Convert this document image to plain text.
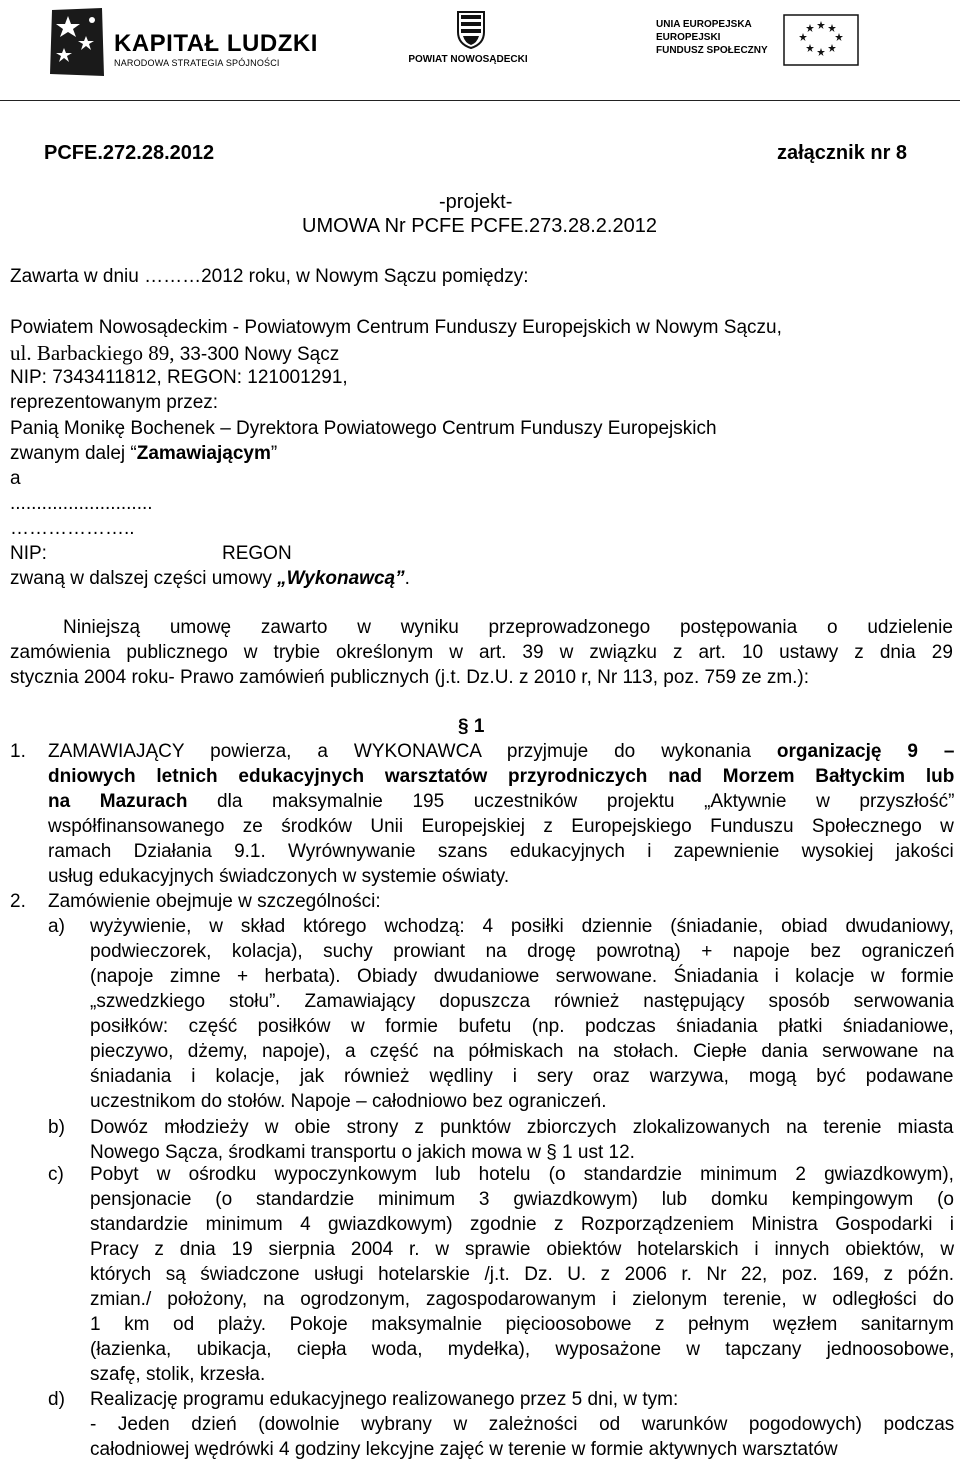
KAPITAŁ LUDZKI
NARODOWA STRATEGIA SPÓJNOŚCI	POWIAT NOWOSĄDECKI
UNIA EUROPEJSKA
EUROPEJSKI
FUNDUSZ SPOŁECZNY
PCFE.272.28.2012	załącznik nr 8
-projekt-
UMOWA Nr PCFE PCFE.273.28.2.2012
Zawarta w dniu ………2012 roku, w Nowym Sączu pomiędzy:
Powiatem Nowosądeckim - Powiatowym Centrum Funduszy Europejskich w Nowym Sączu,
ul. Barbackiego 89, 33-300 Nowy Sącz
NIP: 7343411812, REGON: 121001291,
reprezentowanym przez:
Panią Monikę Bochenek – Dyrektora Powiatowego Centrum Funduszy Europejskich
zwanym dalej “Zamawiającym”
a
...........................
………………..
NIP:	REGON
zwaną w dalszej części umowy „Wykonawcą”.
Niniejszą umowę zawarto w wyniku przeprowadzonego postępowania o udzielenie
zamówienia publicznego w trybie określonym w art. 39 w związku z art. 10 ustawy z dnia 29
stycznia 2004 roku- Prawo zamówień publicznych (j.t. Dz.U. z 2010 r, Nr 113, poz. 759 ze zm.):
§ 1
1. ZAMAWIAJĄCY powierza, a WYKONAWCA przyjmuje do wykonania organizację 9 –
dniowych letnich edukacyjnych warsztatów przyrodniczych nad Morzem Bałtyckim lub
na Mazurach dla maksymalnie 195 uczestników projektu „Aktywnie w przyszłość”
współfinansowanego ze środków Unii Europejskiej z Europejskiego Funduszu Społecznego w
ramach Działania 9.1. Wyrównywanie szans edukacyjnych i zapewnienie wysokiej jakości
usług edukacyjnych świadczonych w systemie oświaty.
2. Zamówienie obejmuje w szczególności:
a) wyżywienie, w skład którego wchodzą: 4 posiłki dziennie (śniadanie, obiad dwudaniowy,
podwieczorek, kolacja), suchy prowiant na drogę powrotną) + napoje bez ograniczeń
(napoje zimne + herbata). Obiady dwudaniowe serwowane. Śniadania i kolacje w formie
„szwedzkiego stołu”. Zamawiający dopuszcza również następujący sposób serwowania
posiłków: część posiłków w formie bufetu (np. podczas śniadania płatki śniadaniowe,
pieczywo, dżemy, napoje), a część na półmiskach na stołach. Ciepłe dania serwowane na
śniadania i kolacje, jak również wędliny i sery oraz warzywa, mogą być podawane
uczestnikom do stołów. Napoje – całodniowo bez ograniczeń.
b) Dowóz młodzieży w obie strony z punktów zbiorczych zlokalizowanych na terenie miasta
Nowego Sącza, środkami transportu o jakich mowa w § 1 ust 12.
c) Pobyt w ośrodku wypoczynkowym lub hotelu (o standardzie minimum 2 gwiazdkowym),
pensjonacie (o standardzie minimum 3 gwiazdkowym) lub domku kempingowym (o
standardzie minimum 4 gwiazdkowym) zgodnie z Rozporządzeniem Ministra Gospodarki i
Pracy z dnia 19 sierpnia 2004 r. w sprawie obiektów hotelarskich i innych obiektów, w
których są świadczone usługi hotelarskie /j.t. Dz. U. z 2006 r. Nr 22, poz. 169, z późn.
zmian./ położony, na ogrodzonym, zagospodarowanym i zielonym terenie, w odległości do
1 km od plaży. Pokoje maksymalnie pięcioosobowe z pełnym węzłem sanitarnym
(łazienka, ubikacja, ciepła woda, mydełka), wyposażone w tapczany jednoosobowe,
szafę, stolik, krzesła.
d) Realizację programu edukacyjnego realizowanego przez 5 dni, w tym:
- Jeden dzień (dowolnie wybrany w zależności od warunków pogodowych) podczas
całodniowej wędrówki 4 godziny lekcyjne zajęć w terenie w formie aktywnych warsztatów
